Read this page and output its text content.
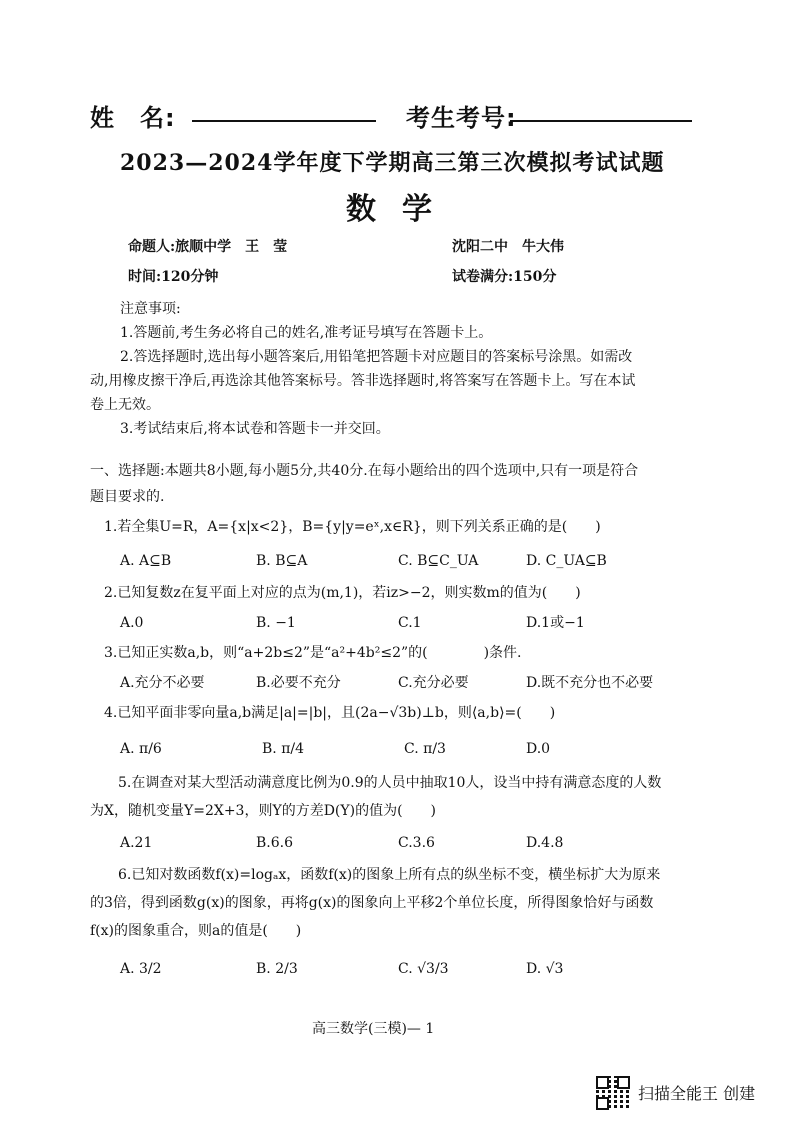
姓　名:	考生考号:
2023—2024学年度下学期高三第三次模拟考试试题
数学
命题人:旅顺中学　王　莹	沈阳二中　牛大伟
时间:120分钟	试卷满分:150分
注意事项:
1.答题前,考生务必将自己的姓名,准考证号填写在答题卡上。
2.答选择题时,选出每小题答案后,用铅笔把答题卡对应题目的答案标号涂黑。如需改
动,用橡皮擦干净后,再选涂其他答案标号。答非选择题时,将答案写在答题卡上。写在本试
卷上无效。
3.考试结束后,将本试卷和答题卡一并交回。
一、选择题:本题共8小题,每小题5分,共40分.在每小题给出的四个选项中,只有一项是符合
题目要求的.
1.若全集U=R，A={x|x<2}，B={y|y=eˣ,x∈R}，则下列关系正确的是(　　)
A. A⊆B	B. B⊆A	C. B⊆C_UA	D. C_UA⊆B
2.已知复数z在复平面上对应的点为(m,1)，若iz>−2，则实数m的值为(　　)
A.0	B. −1	C.1	D.1或−1
3.已知正实数a,b，则“a+2b≤2”是“a²+4b²≤2”的(　　　　)条件.
A.充分不必要	B.必要不充分	C.充分必要	D.既不充分也不必要
4.已知平面非零向量a,b满足|a|=|b|，且(2a−√3b)⊥b，则⟨a,b⟩=(　　)
A. π/6	B. π/4	C. π/3	D.0
5.在调查对某大型活动满意度比例为0.9的人员中抽取10人，设当中持有满意态度的人数
为X，随机变量Y=2X+3，则Y的方差D(Y)的值为(　　)
A.21	B.6.6	C.3.6	D.4.8
6.已知对数函数f(x)=logₐx，函数f(x)的图象上所有点的纵坐标不变，横坐标扩大为原来
的3倍，得到函数g(x)的图象，再将g(x)的图象向上平移2个单位长度，所得图象恰好与函数
f(x)的图象重合，则a的值是(　　)
A. 3/2	B. 2/3	C. √3/3	D. √3
高三数学(三模)— 1
扫描全能王 创建
